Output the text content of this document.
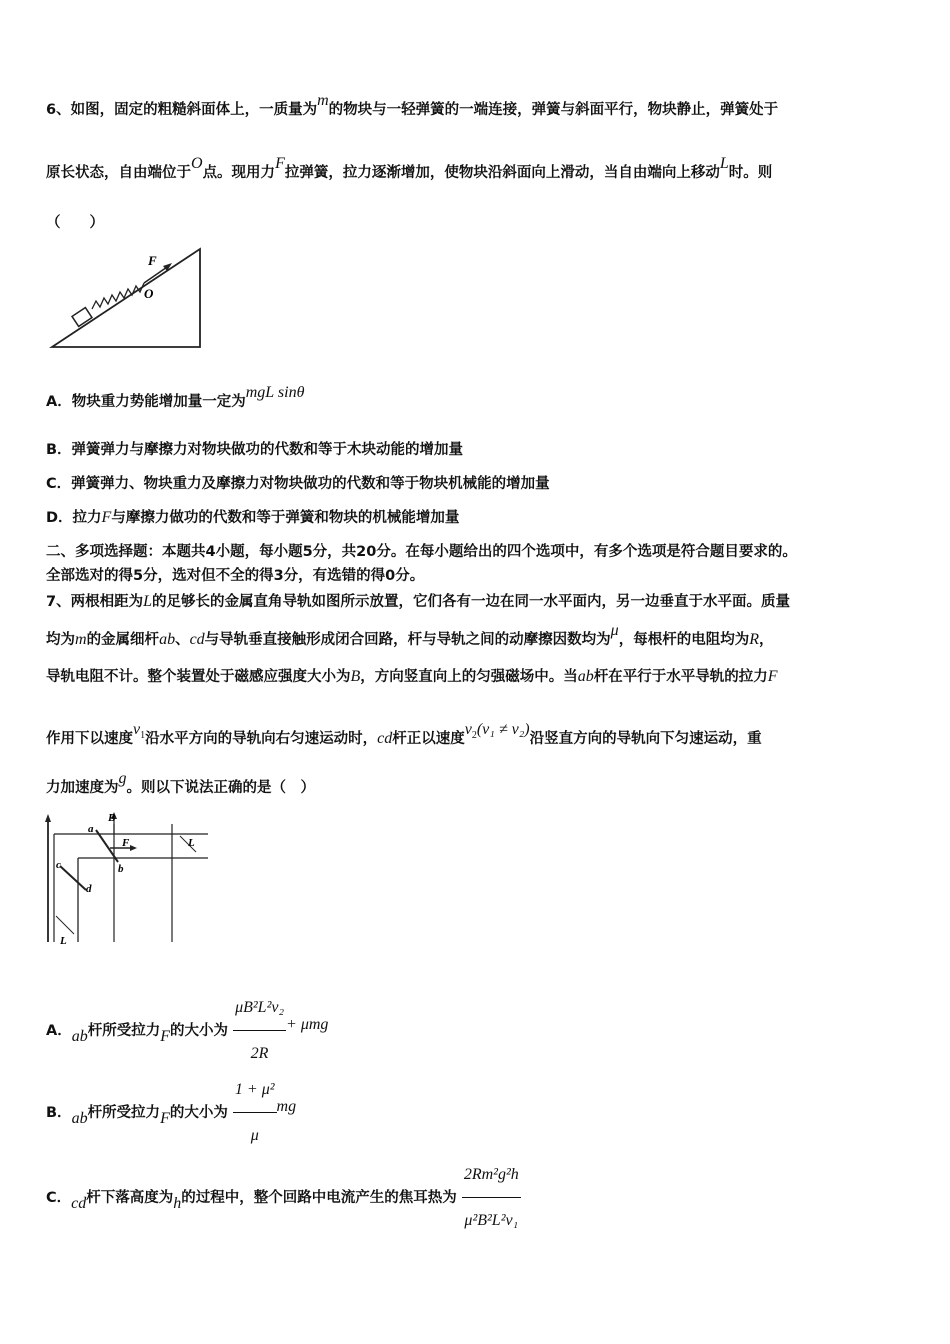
6、如图，固定的粗糙斜面体上，一质量为m的物块与一轻弹簧的一端连接，弹簧与斜面平行，物块静止，弹簧处于
原长状态，自由端位于O点。现用力F拉弹簧，拉力逐渐增加，使物块沿斜面向上滑动，当自由端向上移动L时。则
（　　）
F
O
A．物块重力势能增加量一定为mgL sinθ
B．弹簧弹力与摩擦力对物块做功的代数和等于木块动能的增加量
C．弹簧弹力、物块重力及摩擦力对物块做功的代数和等于物块机械能的增加量
D．拉力F与摩擦力做功的代数和等于弹簧和物块的机械能增加量
二、多项选择题：本题共4小题，每小题5分，共20分。在每小题给出的四个选项中，有多个选项是符合题目要求的。
全部选对的得5分，选对但不全的得3分，有选错的得0分。
7、两根相距为L的足够长的金属直角导轨如图所示放置，它们各有一边在同一水平面内，另一边垂直于水平面。质量
均为m的金属细杆ab、cd与导轨垂直接触形成闭合回路，杆与导轨之间的动摩擦因数均为μ，每根杆的电阻均为R，
导轨电阻不计。整个装置处于磁感应强度大小为B，方向竖直向上的匀强磁场中。当ab杆在平行于水平导轨的拉力F
作用下以速度$v_1$沿水平方向的导轨向右匀速运动时，cd杆正以速度$v_2(v_1 \ne v_2)$沿竖直方向的导轨向下匀速运动，重
力加速度为g。则以下说法正确的是（　）
B
a
F
b
c
d
L
L
A．ab杆所受拉力F的大小为 $\frac{\text{μB²L²v₂}}{2R} + \mu mg$
B．ab杆所受拉力F的大小为 $\frac{\text{1 + μ²}}{\mu}$ mg
C．cd杆下落高度为h的过程中，整个回路中电流产生的焦耳热为 $\frac{\text{2Rm²g²h}}{\text{μ²B²L²v₁}}$
